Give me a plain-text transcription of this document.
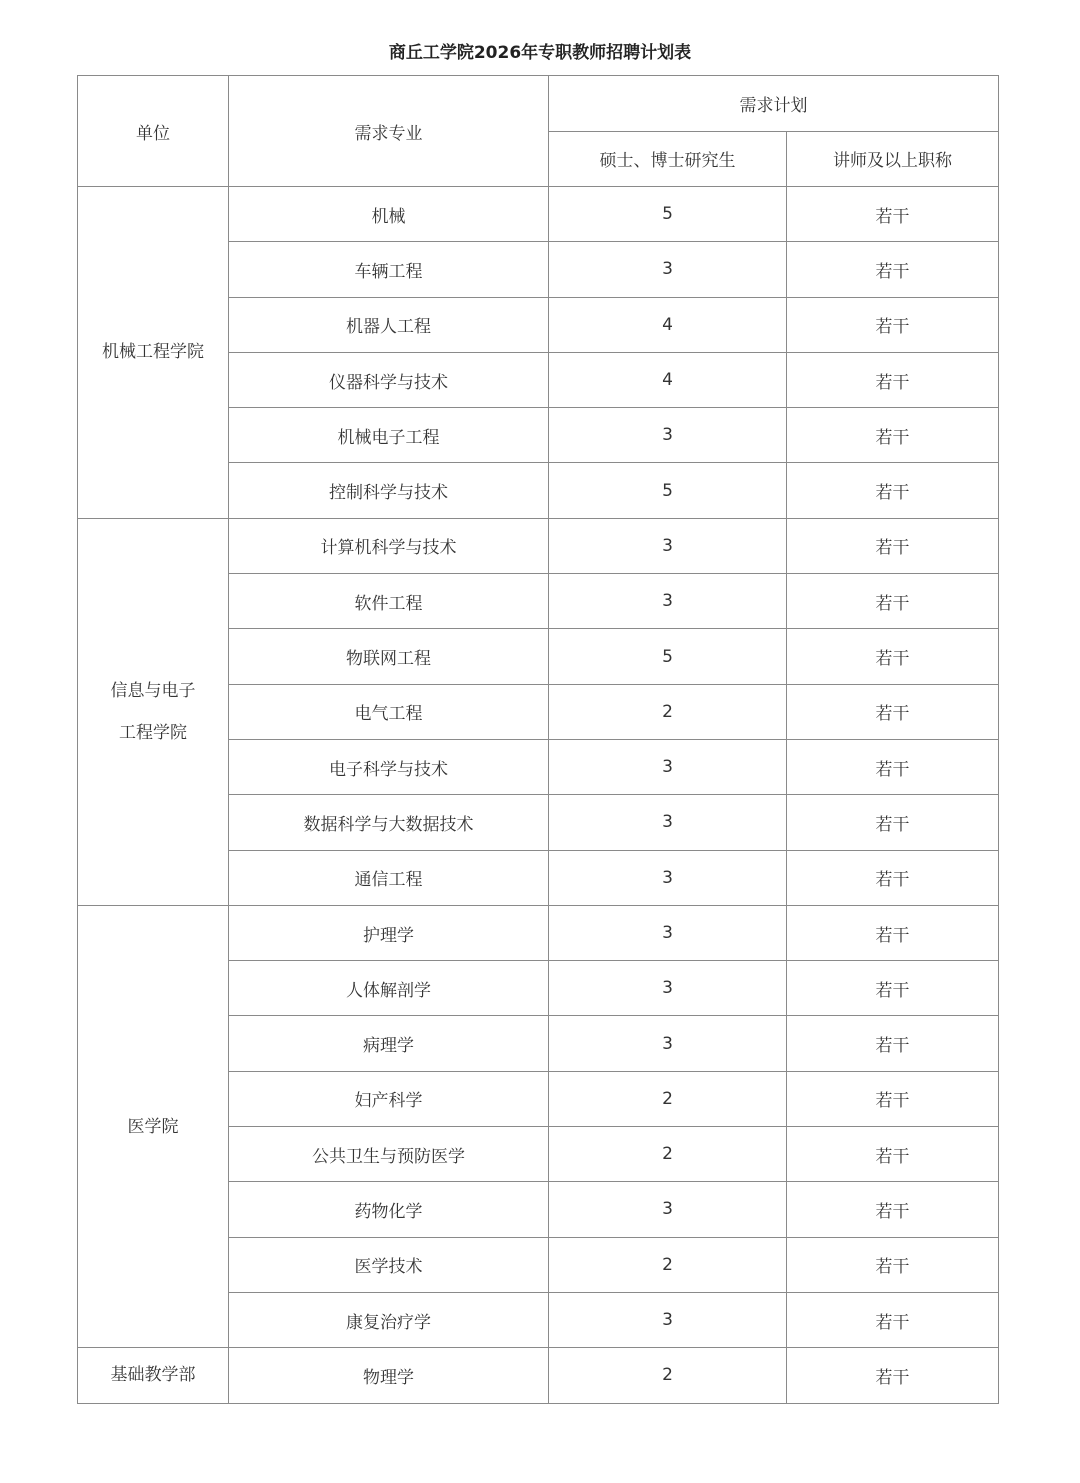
商丘工学院2026年专职教师招聘计划表
单位	需求专业	需求计划	
		硕士、博士研究生	讲师及以上职称

机械工程学院	机械	5	若干
	车辆工程	3	若干
	机器人工程	4	若干
	仪器科学与技术	4	若干
	机械电子工程	3	若干
	控制科学与技术	5	若干

信息与电子
工程学院	计算机科学与技术	3	若干
	软件工程	3	若干
	物联网工程	5	若干
	电气工程	2	若干
	电子科学与技术	3	若干
	数据科学与大数据技术	3	若干
	通信工程	3	若干

医学院	护理学	3	若干
	人体解剖学	3	若干
	病理学	3	若干
	妇产科学	2	若干
	公共卫生与预防医学	2	若干
	药物化学	3	若干
	医学技术	2	若干
	康复治疗学	3	若干

基础教学部	物理学	2	若干
